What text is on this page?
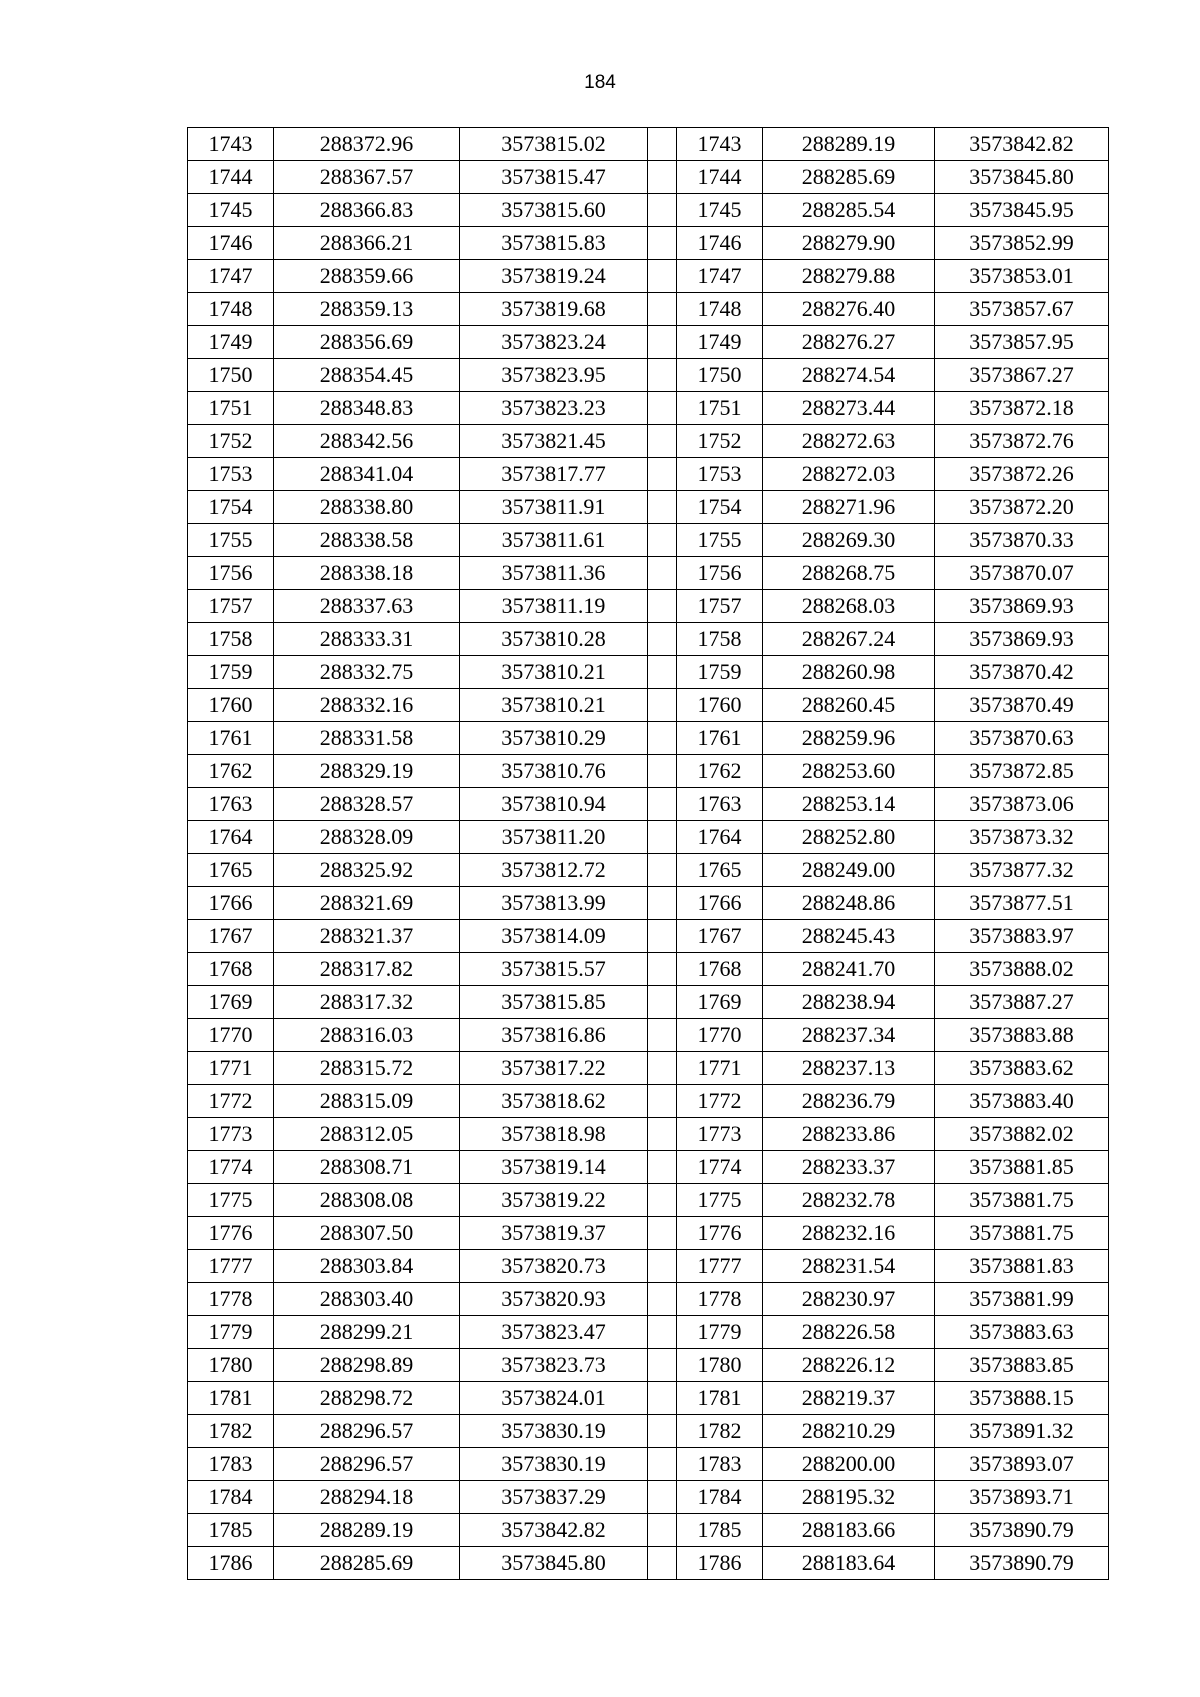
184
1743	288372.96	3573815.02		1743	288289.19	3573842.82
1744	288367.57	3573815.47		1744	288285.69	3573845.80
1745	288366.83	3573815.60		1745	288285.54	3573845.95
1746	288366.21	3573815.83		1746	288279.90	3573852.99
1747	288359.66	3573819.24		1747	288279.88	3573853.01
1748	288359.13	3573819.68		1748	288276.40	3573857.67
1749	288356.69	3573823.24		1749	288276.27	3573857.95
1750	288354.45	3573823.95		1750	288274.54	3573867.27
1751	288348.83	3573823.23		1751	288273.44	3573872.18
1752	288342.56	3573821.45		1752	288272.63	3573872.76
1753	288341.04	3573817.77		1753	288272.03	3573872.26
1754	288338.80	3573811.91		1754	288271.96	3573872.20
1755	288338.58	3573811.61		1755	288269.30	3573870.33
1756	288338.18	3573811.36		1756	288268.75	3573870.07
1757	288337.63	3573811.19		1757	288268.03	3573869.93
1758	288333.31	3573810.28		1758	288267.24	3573869.93
1759	288332.75	3573810.21		1759	288260.98	3573870.42
1760	288332.16	3573810.21		1760	288260.45	3573870.49
1761	288331.58	3573810.29		1761	288259.96	3573870.63
1762	288329.19	3573810.76		1762	288253.60	3573872.85
1763	288328.57	3573810.94		1763	288253.14	3573873.06
1764	288328.09	3573811.20		1764	288252.80	3573873.32
1765	288325.92	3573812.72		1765	288249.00	3573877.32
1766	288321.69	3573813.99		1766	288248.86	3573877.51
1767	288321.37	3573814.09		1767	288245.43	3573883.97
1768	288317.82	3573815.57		1768	288241.70	3573888.02
1769	288317.32	3573815.85		1769	288238.94	3573887.27
1770	288316.03	3573816.86		1770	288237.34	3573883.88
1771	288315.72	3573817.22		1771	288237.13	3573883.62
1772	288315.09	3573818.62		1772	288236.79	3573883.40
1773	288312.05	3573818.98		1773	288233.86	3573882.02
1774	288308.71	3573819.14		1774	288233.37	3573881.85
1775	288308.08	3573819.22		1775	288232.78	3573881.75
1776	288307.50	3573819.37		1776	288232.16	3573881.75
1777	288303.84	3573820.73		1777	288231.54	3573881.83
1778	288303.40	3573820.93		1778	288230.97	3573881.99
1779	288299.21	3573823.47		1779	288226.58	3573883.63
1780	288298.89	3573823.73		1780	288226.12	3573883.85
1781	288298.72	3573824.01		1781	288219.37	3573888.15
1782	288296.57	3573830.19		1782	288210.29	3573891.32
1783	288296.57	3573830.19		1783	288200.00	3573893.07
1784	288294.18	3573837.29		1784	288195.32	3573893.71
1785	288289.19	3573842.82		1785	288183.66	3573890.79
1786	288285.69	3573845.80		1786	288183.64	3573890.79
